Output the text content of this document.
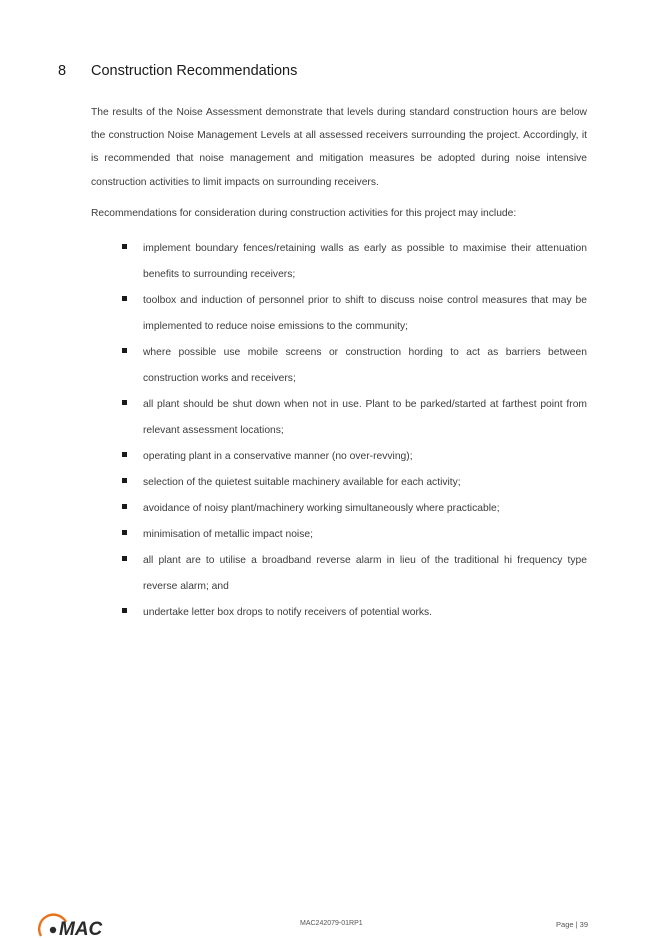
8 Construction Recommendations
The results of the Noise Assessment demonstrate that levels during standard construction hours are below the construction Noise Management Levels at all assessed receivers surrounding the project. Accordingly, it is recommended that noise management and mitigation measures be adopted during noise intensive construction activities to limit impacts on surrounding receivers.
Recommendations for consideration during construction activities for this project may include:
implement boundary fences/retaining walls as early as possible to maximise their attenuation benefits to surrounding receivers;
toolbox and induction of personnel prior to shift to discuss noise control measures that may be implemented to reduce noise emissions to the community;
where possible use mobile screens or construction hording to act as barriers between construction works and receivers;
all plant should be shut down when not in use. Plant to be parked/started at farthest point from relevant assessment locations;
operating plant in a conservative manner (no over-revving);
selection of the quietest suitable machinery available for each activity;
avoidance of noisy plant/machinery working simultaneously where practicable;
minimisation of metallic impact noise;
all plant are to utilise a broadband reverse alarm in lieu of the traditional hi frequency type reverse alarm; and
undertake letter box drops to notify receivers of potential works.
MAC	MAC242079-01RP1	Page | 39
